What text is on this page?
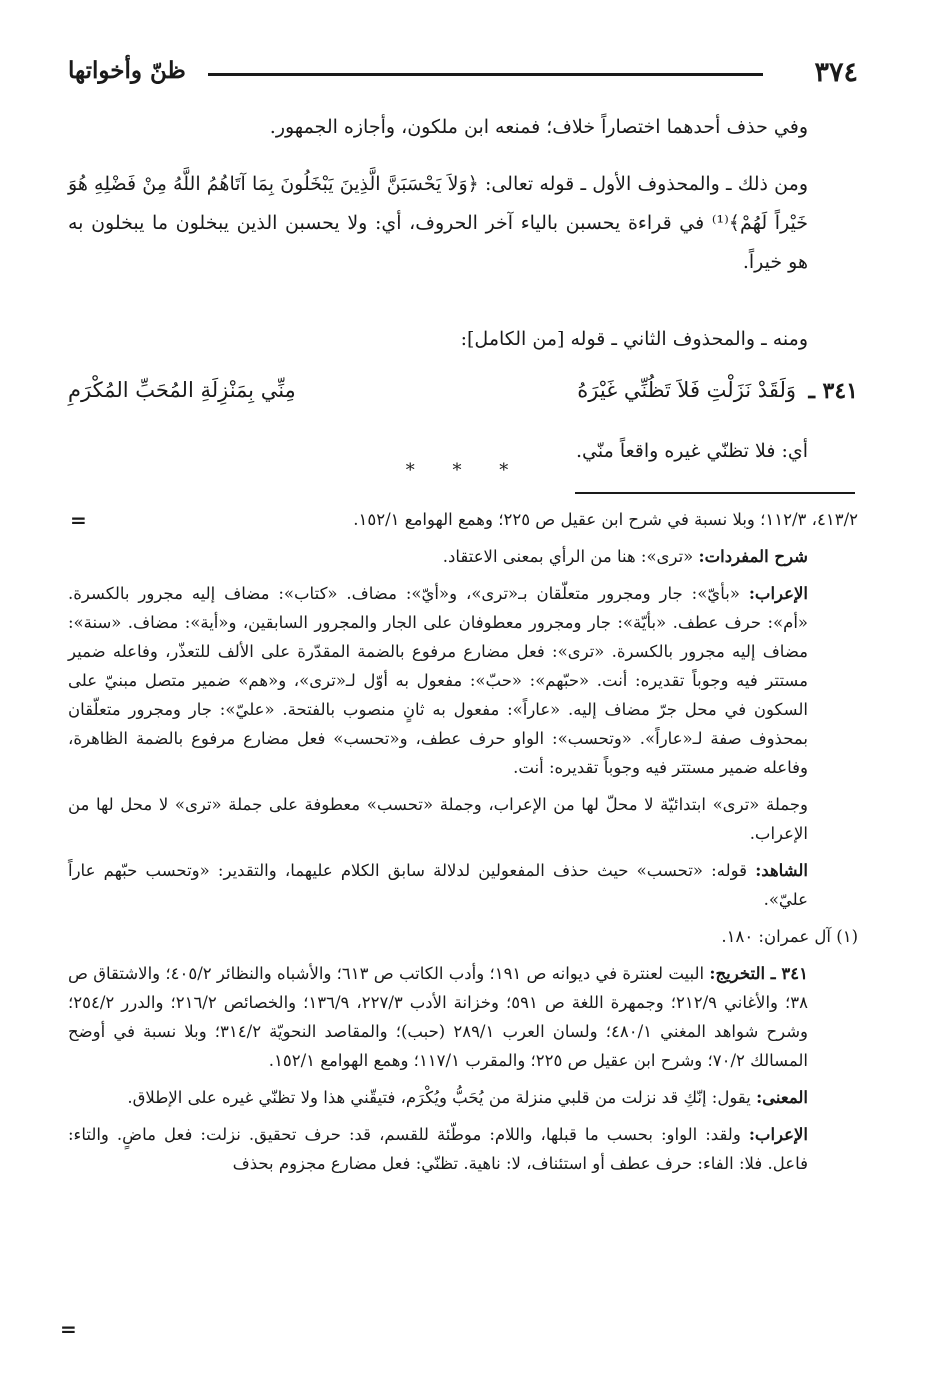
٣٧٤
ظنّ وأخواتها

وفي حذف أحدهما اختصاراً خلاف؛ فمنعه ابن ملكون، وأجازه الجمهور.

ومن ذلك ـ والمحذوف الأول ـ قوله تعالى: ﴿وَلاَ يَحْسَبَنَّ الَّذِينَ يَبْخَلُونَ بِمَا آتَاهُمُ اللَّهُ مِنْ فَضْلِهِ هُوَ خَيْراً لَهُمْ﴾⁽¹⁾ في قراءة يحسبن بالياء آخر الحروف، أي: ولا يحسبن الذين يبخلون ما يبخلون به هو خيراً.

ومنه ـ والمحذوف الثاني ـ قوله [من الكامل]:

٣٤١ ـ
وَلَقَدْ نَزَلْتِ فَلاَ تَظُنِّي غَيْرَهُ
مِنِّي بِمَنْزِلَةِ المُحَبِّ المُكْرَمِ

أي: فلا تظنّي غيره واقعاً منّي.

* * *
=	٤١٣/٢، ١١٢/٣؛ وبلا نسبة في شرح ابن عقيل ص ٢٢٥؛ وهمع الهوامع ١٥٢/١.

شرح المفردات: «ترى»: هنا من الرأي بمعنى الاعتقاد.

الإعراب: «بأيّ»: جار ومجرور متعلّقان بـ«ترى»، و«أيّ»: مضاف. «كتاب»: مضاف إليه مجرور بالكسرة. «أم»: حرف عطف. «بأيّة»: جار ومجرور معطوفان على الجار والمجرور السابقين، و«أية»: مضاف. «سنة»: مضاف إليه مجرور بالكسرة. «ترى»: فعل مضارع مرفوع بالضمة المقدّرة على الألف للتعذّر، وفاعله ضمير مستتر فيه وجوباً تقديره: أنت. «حبّهم»: «حبّ»: مفعول به أوّل لـ«ترى»، و«هم» ضمير متصل مبنيّ على السكون في محل جرّ مضاف إليه. «عاراً»: مفعول به ثانٍ منصوب بالفتحة. «عليّ»: جار ومجرور متعلّقان بمحذوف صفة لـ«عاراً». «وتحسب»: الواو حرف عطف، و«تحسب» فعل مضارع مرفوع بالضمة الظاهرة، وفاعله ضمير مستتر فيه وجوباً تقديره: أنت.

وجملة «ترى» ابتدائيّة لا محلّ لها من الإعراب، وجملة «تحسب» معطوفة على جملة «ترى» لا محل لها من الإعراب.

الشاهد: قوله: «تحسب» حيث حذف المفعولين لدلالة سابق الكلام عليهما، والتقدير: «وتحسب حبّهم عاراً عليّ».

(١) آل عمران: ١٨٠.

٣٤١ ـ التخريج: البيت لعنترة في ديوانه ص ١٩١؛ وأدب الكاتب ص ٦١٣؛ والأشباه والنظائر ٤٠٥/٢؛ والاشتقاق ص ٣٨؛ والأغاني ٢١٢/٩؛ وجمهرة اللغة ص ٥٩١؛ وخزانة الأدب ٢٢٧/٣، ١٣٦/٩؛ والخصائص ٢١٦/٢؛ والدرر ٢٥٤/٢؛ وشرح شواهد المغني ٤٨٠/١؛ ولسان العرب ٢٨٩/١ (حبب)؛ والمقاصد النحويّة ٣١٤/٢؛ وبلا نسبة في أوضح المسالك ٧٠/٢؛ وشرح ابن عقيل ص ٢٢٥؛ والمقرب ١١٧/١؛ وهمع الهوامع ١٥٢/١.

المعنى: يقول: إنّكِ قد نزلت من قلبي منزلة من يُحَبُّ ويُكْرَم، فتيقّني هذا ولا تظنّي غيره على الإطلاق.

الإعراب: ولقد: الواو: بحسب ما قبلها، واللام: موطّئة للقسم، قد: حرف تحقيق. نزلت: فعل ماضٍ. والتاء: فاعل. فلا: الفاء: حرف عطف أو استئناف، لا: ناهية. تظنّي: فعل مضارع مجزوم بحذف

=
